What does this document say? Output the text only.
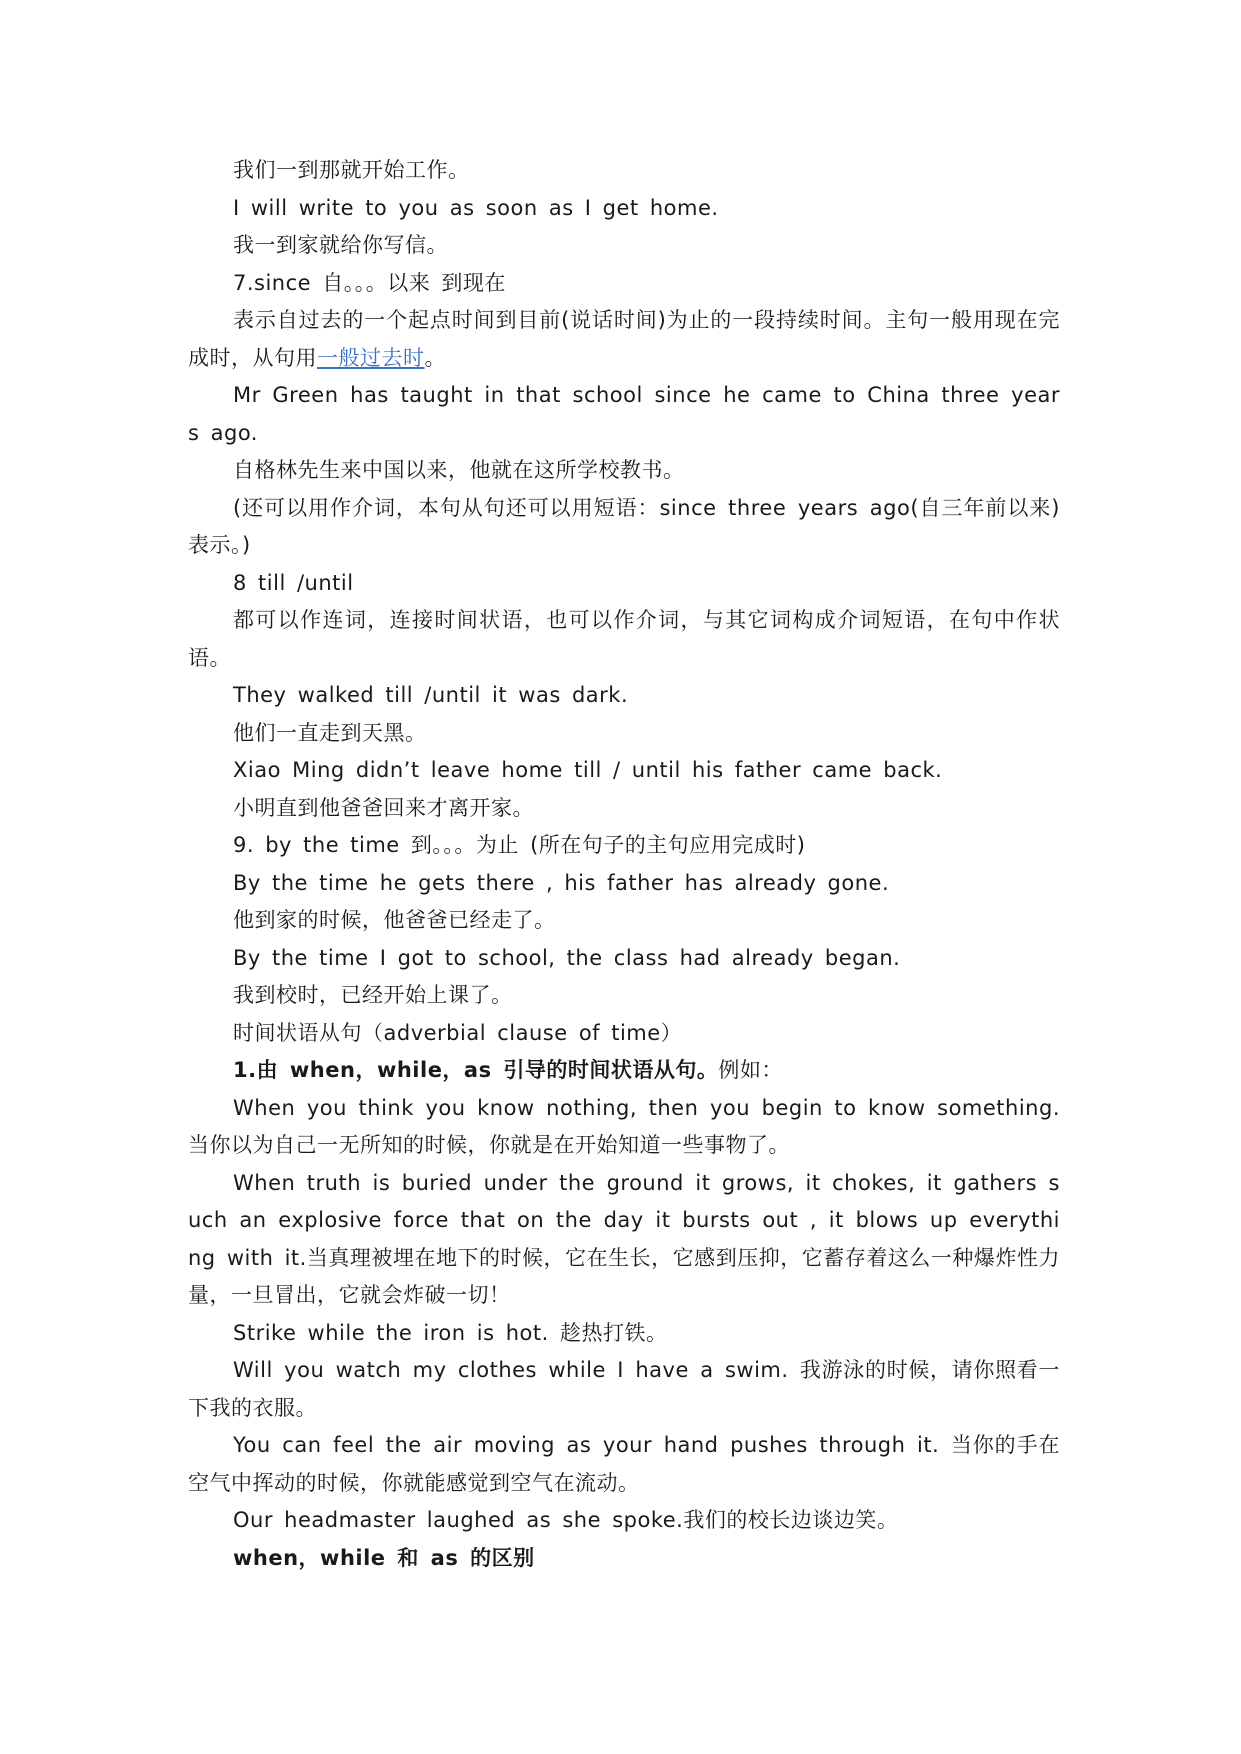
我们一到那就开始工作。

I will write to you as soon as I get home.

我一到家就给你写信。

7.since 自。。。以来 到现在

表示自过去的一个起点时间到目前(说话时间)为止的一段持续时间。主句一般用现在完成时，从句用一般过去时。

Mr Green has taught in that school since he came to China three years ago.

自格林先生来中国以来，他就在这所学校教书。

(还可以用作介词，本句从句还可以用短语：since three years ago(自三年前以来)表示。)

8 till /until

都可以作连词，连接时间状语，也可以作介词，与其它词构成介词短语，在句中作状语。

They walked till /until it was dark.

他们一直走到天黑。

Xiao Ming didn’t leave home till / until his father came back.

小明直到他爸爸回来才离开家。

9. by the time 到。。。为止 (所在句子的主句应用完成时)

By the time he gets there , his father has already gone.

他到家的时候，他爸爸已经走了。

By the time I got to school, the class had already began.

我到校时，已经开始上课了。

时间状语从句（adverbial clause of time）

1.由 when，while，as 引导的时间状语从句。例如：

When you think you know nothing, then you begin to know something.当你以为自己一无所知的时候，你就是在开始知道一些事物了。

When truth is buried under the ground it grows, it chokes, it gathers such an explosive force that on the day it bursts out , it blows up everything with it.当真理被埋在地下的时候，它在生长，它感到压抑，它蓄存着这么一种爆炸性力量，一旦冒出，它就会炸破一切！

Strike while the iron is hot. 趁热打铁。

Will you watch my clothes while I have a swim. 我游泳的时候，请你照看一下我的衣服。

You can feel the air moving as your hand pushes through it. 当你的手在空气中挥动的时候，你就能感觉到空气在流动。

Our headmaster laughed as she spoke.我们的校长边谈边笑。

when，while 和 as 的区别
